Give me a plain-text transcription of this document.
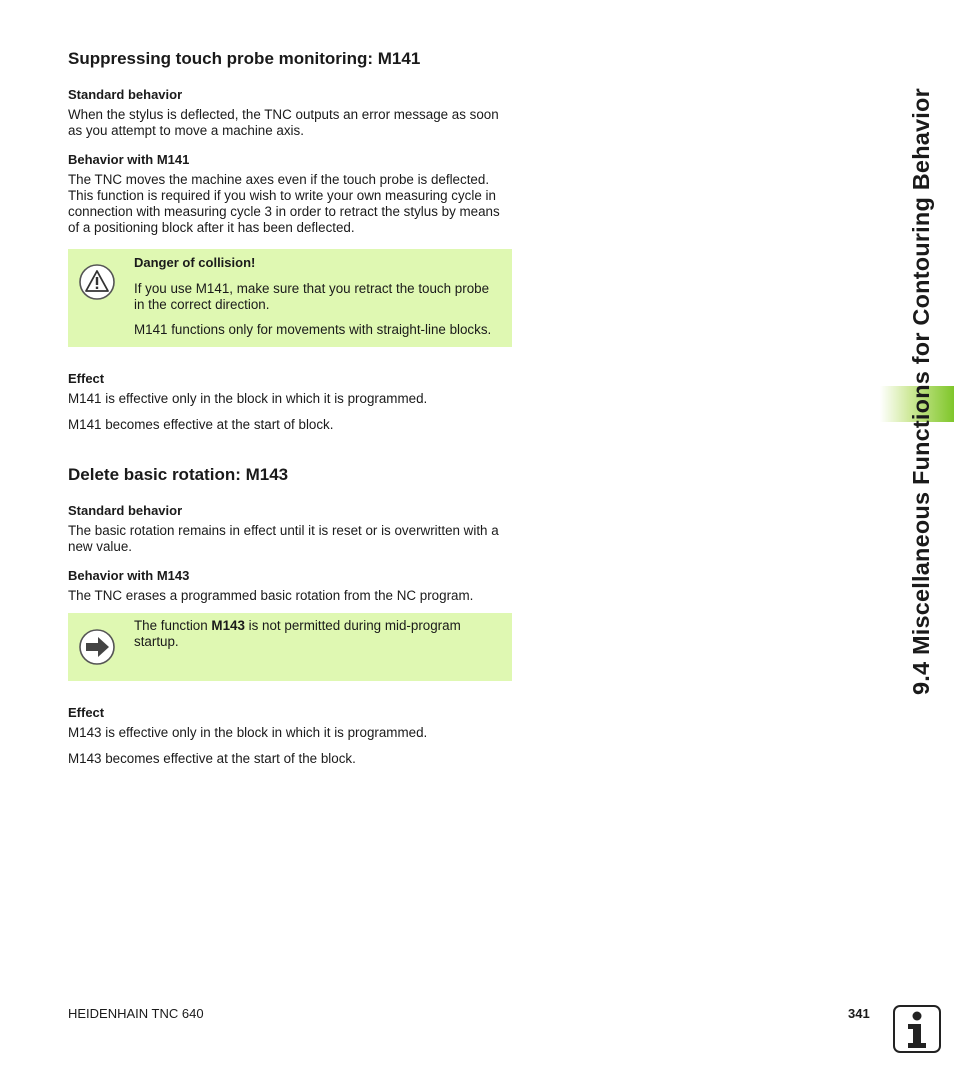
Suppressing touch probe monitoring: M141
Standard behavior

When the stylus is deflected, the TNC outputs an error message as soon as you attempt to move a machine axis.

Behavior with M141

The TNC moves the machine axes even if the touch probe is deflected. This function is required if you wish to write your own measuring cycle in connection with measuring cycle 3 in order to retract the stylus by means of a positioning block after it has been deflected.

Danger of collision!

If you use M141, make sure that you retract the touch probe in the correct direction.

M141 functions only for movements with straight-line blocks.

Effect

M141 is effective only in the block in which it is programmed.

M141 becomes effective at the start of block.

Delete basic rotation: M143
Standard behavior

The basic rotation remains in effect until it is reset or is overwritten with a new value.

Behavior with M143

The TNC erases a programmed basic rotation from the NC program.

The function M143 is not permitted during mid-program startup.

Effect

M143 is effective only in the block in which it is programmed.

M143 becomes effective at the start of the block.

9.4 Miscellaneous Functions for Contouring Behavior
HEIDENHAIN TNC 640	341
